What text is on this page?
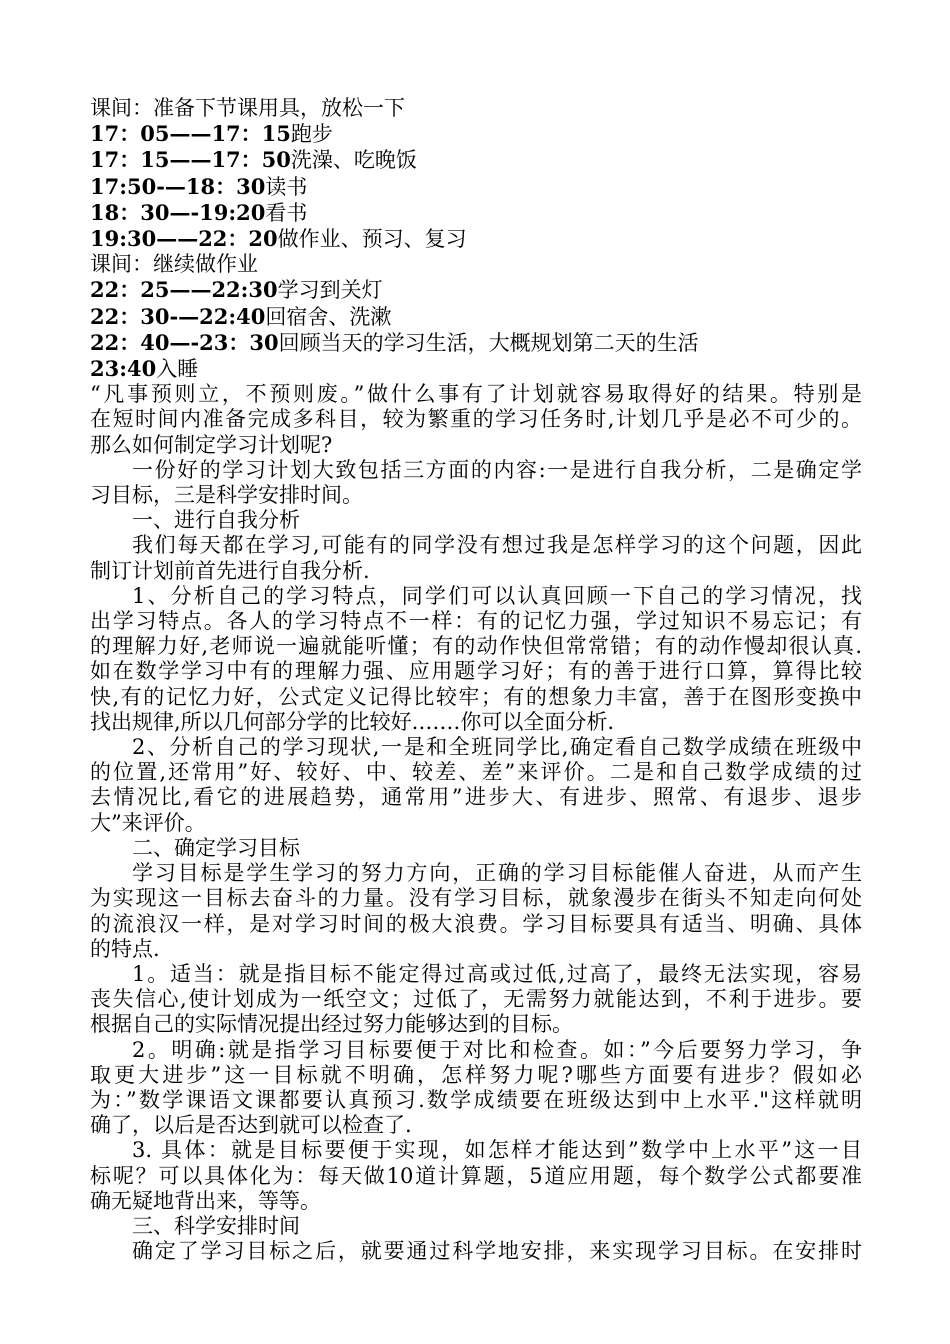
课间：准备下节课用具，放松一下
17：05——17：15跑步
17：15——17：50洗澡、吃晚饭
17:50-—18：30读书
18：30—-19:20看书
19:30——22：20做作业、预习、复习
课间：继续做作业
22：25——22:30学习到关灯
22：30-—22:40回宿舍、洗漱
22：40—-23：30回顾当天的学习生活，大概规划第二天的生活
23:40入睡
“凡事预则立，不预则废。”做什么事有了计划就容易取得好的结果。特别是
在短时间内准备完成多科目，较为繁重的学习任务时,计划几乎是必不可少的。
那么如何制定学习计划呢?
一份好的学习计划大致包括三方面的内容:一是进行自我分析，二是确定学
习目标，三是科学安排时间。
一、进行自我分析
我们每天都在学习,可能有的同学没有想过我是怎样学习的这个问题，因此
制订计划前首先进行自我分析.
1、分析自己的学习特点，同学们可以认真回顾一下自己的学习情况，找
出学习特点。各人的学习特点不一样：有的记忆力强，学过知识不易忘记；有
的理解力好,老师说一遍就能听懂；有的动作快但常常错；有的动作慢却很认真.
如在数学学习中有的理解力强、应用题学习好；有的善于进行口算，算得比较
快,有的记忆力好，公式定义记得比较牢；有的想象力丰富，善于在图形变换中
找出规律,所以几何部分学的比较好.……你可以全面分析.
2、分析自己的学习现状,一是和全班同学比,确定看自己数学成绩在班级中
的位置,还常用”好、较好、中、较差、差”来评价。二是和自己数学成绩的过
去情况比,看它的进展趋势，通常用”进步大、有进步、照常、有退步、退步
大”来评价。
二、确定学习目标
学习目标是学生学习的努力方向，正确的学习目标能催人奋进，从而产生
为实现这一目标去奋斗的力量。没有学习目标，就象漫步在街头不知走向何处
的流浪汉一样，是对学习时间的极大浪费。学习目标要具有适当、明确、具体
的特点.
1。适当：就是指目标不能定得过高或过低,过高了，最终无法实现，容易
丧失信心,使计划成为一纸空文；过低了，无需努力就能达到，不利于进步。要
根据自己的实际情况提出经过努力能够达到的目标。
2。明确:就是指学习目标要便于对比和检查。如：”今后要努力学习，争
取更大进步”这一目标就不明确，怎样努力呢?哪些方面要有进步？假如必
为：”数学课语文课都要认真预习.数学成绩要在班级达到中上水平."这样就明
确了，以后是否达到就可以检查了.
3. 具体：就是目标要便于实现，如怎样才能达到”数学中上水平”这一目
标呢？可以具体化为：每天做10道计算题，5道应用题，每个数学公式都要准
确无疑地背出来，等等。
三、科学安排时间
确定了学习目标之后，就要通过科学地安排，来实现学习目标。在安排时
